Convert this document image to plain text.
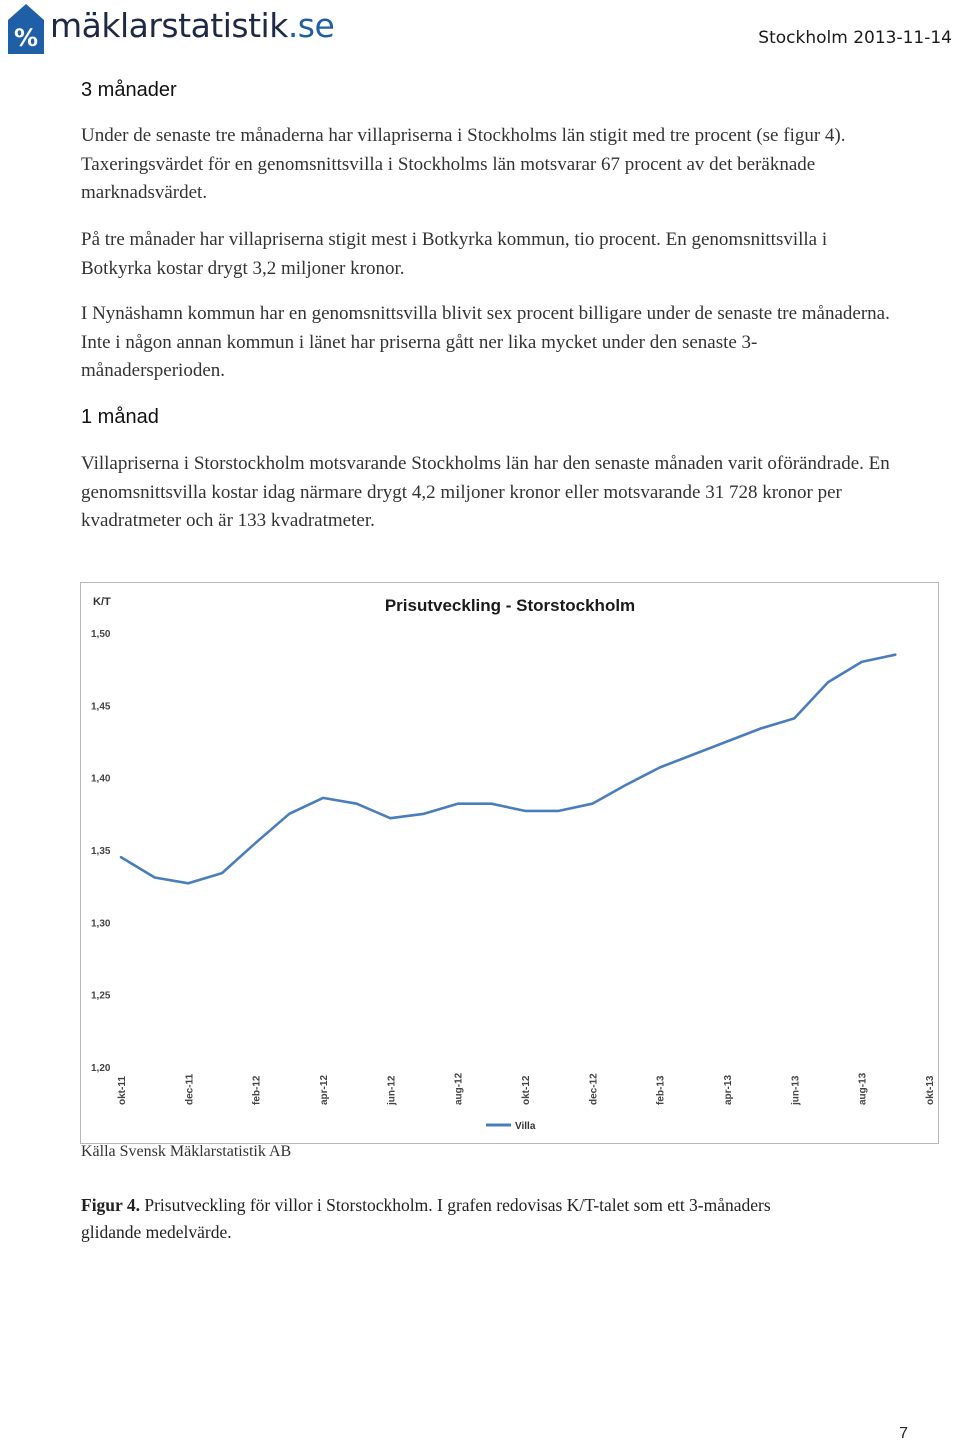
% mäklarstatistik.se	Stockholm 2013-11-14
3 månader

Under de senaste tre månaderna har villapriserna i Stockholms län stigit med tre procent (se figur 4). Taxeringsvärdet för en genomsnittsvilla i Stockholms län motsvarar 67 procent av det beräknade marknadsvärdet.

På tre månader har villapriserna stigit mest i Botkyrka kommun, tio procent. En genomsnittsvilla i Botkyrka kostar drygt 3,2 miljoner kronor.

I Nynäshamn kommun har en genomsnittsvilla blivit sex procent billigare under de senaste tre månaderna. Inte i någon annan kommun i länet har priserna gått ner lika mycket under den senaste 3-månadersperioden.

1 månad

Villapriserna i Storstockholm motsvarande Stockholms län har den senaste månaden varit oförändrade. En genomsnittsvilla kostar idag närmare drygt 4,2 miljoner kronor eller motsvarande 31 728 kronor per kvadratmeter och är 133 kvadratmeter.

Prisutveckling - Storstockholm
K/T
1,50
1,45
1,40
1,35
1,30
1,25
1,20
okt-11	dec-11	feb-12	apr-12	jun-12	aug-12	okt-12	dec-12	feb-13	apr-13	jun-13	aug-13	okt-13
Villa
Källa Svensk Mäklarstatistik AB
Figur 4. Prisutveckling för villor i Storstockholm. I grafen redovisas K/T-talet som ett 3-månaders glidande medelvärde.
7
